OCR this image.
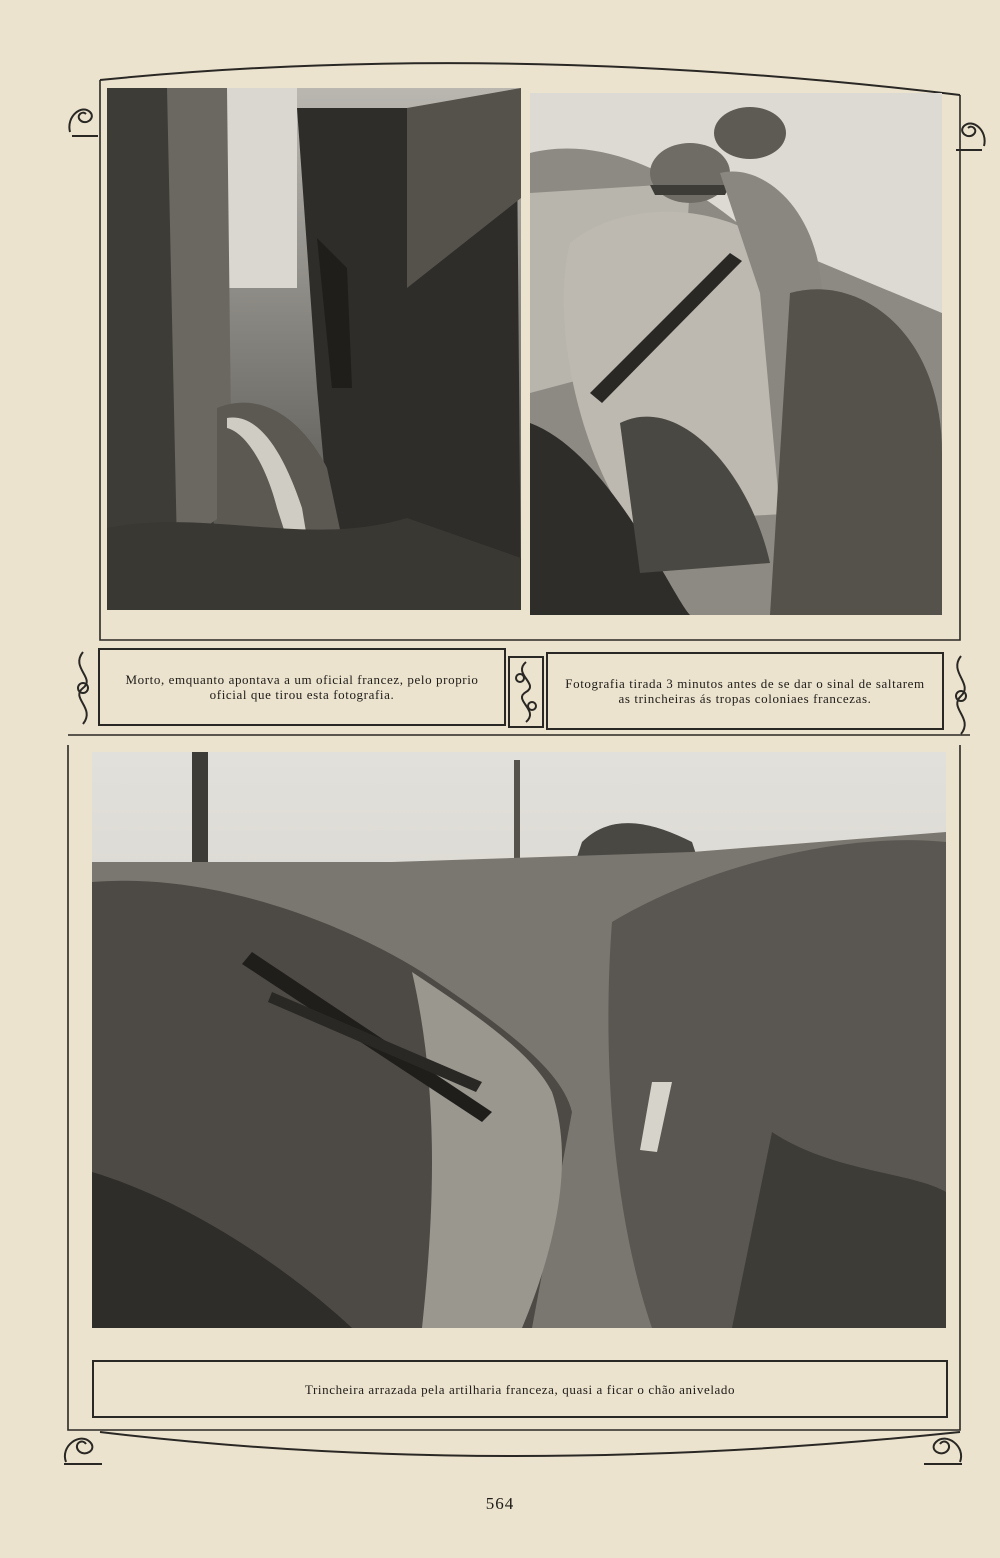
Morto, emquanto apontava a um oficial francez, pelo proprio oficial que tirou esta fotografia.
Fotografia tirada 3 minutos antes de se dar o sinal de saltarem as trincheiras ás tropas coloniaes francezas.
Trincheira arrazada pela artilharia franceza, quasi a ficar o chão anivelado
564
